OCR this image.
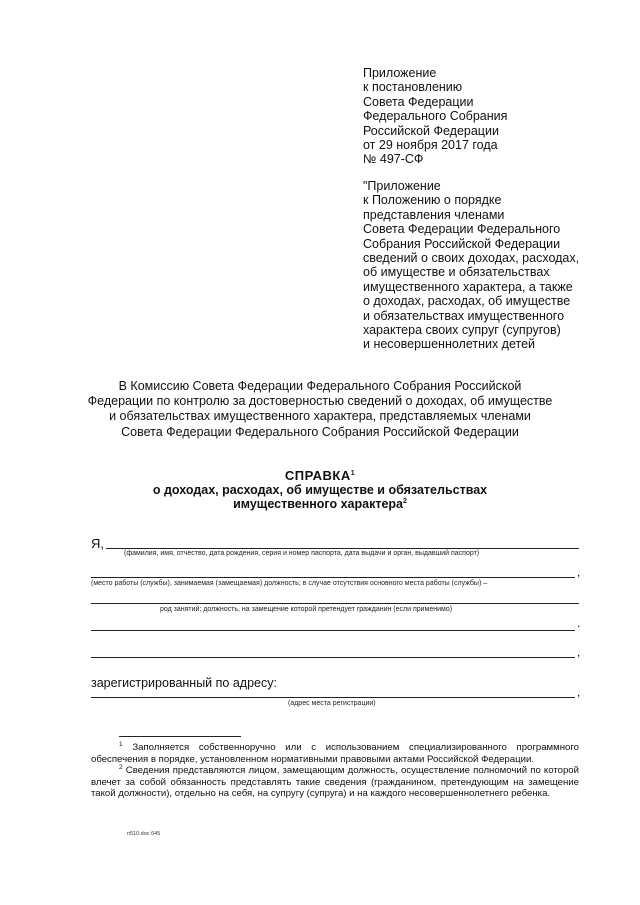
Приложение
к постановлению
Совета Федерации
Федерального Собрания
Российской Федерации
от 29 ноября 2017 года
№ 497-СФ
"Приложение
к Положению о порядке
представления членами
Совета Федерации Федерального
Собрания Российской Федерации
сведений о своих доходах, расходах,
об имуществе и обязательствах
имущественного характера, а также
о доходах, расходах, об имуществе
и обязательствах имущественного
характера своих супруг (супругов)
и несовершеннолетних детей
В Комиссию Совета Федерации Федерального Собрания Российской
Федерации по контролю за достоверностью сведений о доходах, об имуществе
и обязательствах имущественного характера, представляемых членами
Совета Федерации Федерального Собрания Российской Федерации
СПРАВКА$^1$
о доходах, расходах, об имуществе и обязательствах
имущественного характера$^2$
Я,
(фамилия, имя, отчество, дата рождения, серия и номер паспорта, дата выдачи и орган, выдавший паспорт)
,
(место работы (службы), занимаемая (замещаемая) должность; в случае отсутствия основного места работы (службы) –
род занятий; должность, на замещение которой претендует гражданин (если применимо)
.
,
зарегистрированный по адресу:
,
(адрес места регистрации)

$^1$ Заполняется собственноручно или с использованием специализированного программного обеспечения в порядке, установленном нормативными правовыми актами Российской Федерации.

$^2$ Сведения представляются лицом, замещающим должность, осуществление полномочий по которой влечет за собой обязанность представлять такие сведения (гражданином, претендующим на замещение такой должности), отдельно на себя, на супругу (супруга) и на каждого несовершеннолетнего ребенка.

п510.doc 645
